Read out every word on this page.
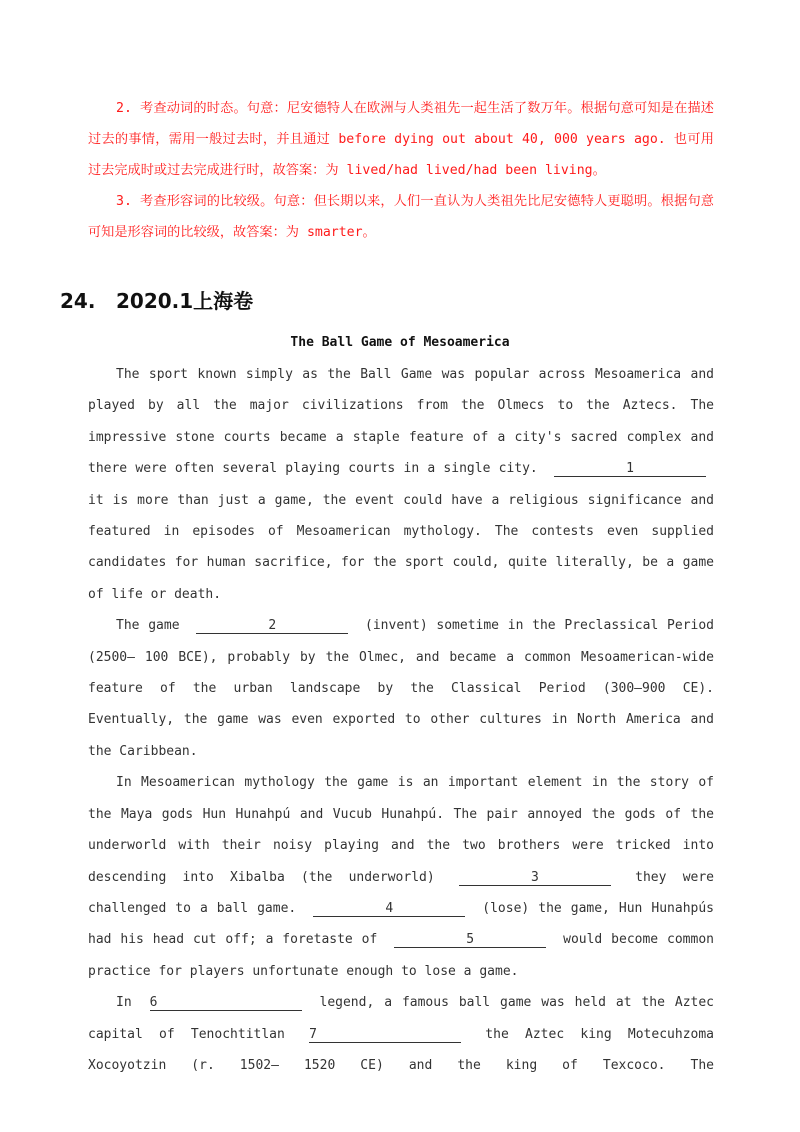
2. 考查动词的时态。句意：尼安德特人在欧洲与人类祖先一起生活了数万年。根据句意可知是在描述过去的事情，需用一般过去时，并且通过 before dying out about 40, 000 years ago. 也可用过去完成时或过去完成进行时，故答案：为 lived/had lived/had been living。

3. 考查形容词的比较级。句意：但长期以来，人们一直认为人类祖先比尼安德特人更聪明。根据句意可知是形容词的比较级，故答案：为 smarter。

24. 2020.1上海卷
The Ball Game of Mesoamerica

The sport known simply as the Ball Game was popular across Mesoamerica and played by all the major civilizations from the Olmecs to the Aztecs. The impressive stone courts became a staple feature of a city's sacred complex and there were often several playing courts in a single city.	1 it is more than just a game, the event could have a religious significance and featured in episodes of Mesoamerican mythology. The contests even supplied candidates for human sacrifice, for the sport could, quite literally, be a game of life or death.

The game	2	(invent) sometime in the Preclassical Period (2500— 100 BCE), probably by the Olmec, and became a common Mesoamerican-wide feature of the urban landscape by the Classical Period (300—900 CE). Eventually, the game was even exported to other cultures in North America and the Caribbean.

In Mesoamerican mythology the game is an important element in the story of the Maya gods Hun Hunahpú and Vucub Hunahpú. The pair annoyed the gods of the underworld with their noisy playing and the two brothers were tricked into descending into Xibalba (the underworld)	3	they were challenged to a ball game.	4	(lose) the game, Hun Hunahpús had his head cut off; a foretaste of	5	would become common practice for players unfortunate enough to lose a game.

In 6	legend, a famous ball game was held at the Aztec capital of Tenochtitlan 7	the Aztec king Motecuhzoma Xocoyotzin (r. 1502— 1520 CE) and the king of Texcoco. The
